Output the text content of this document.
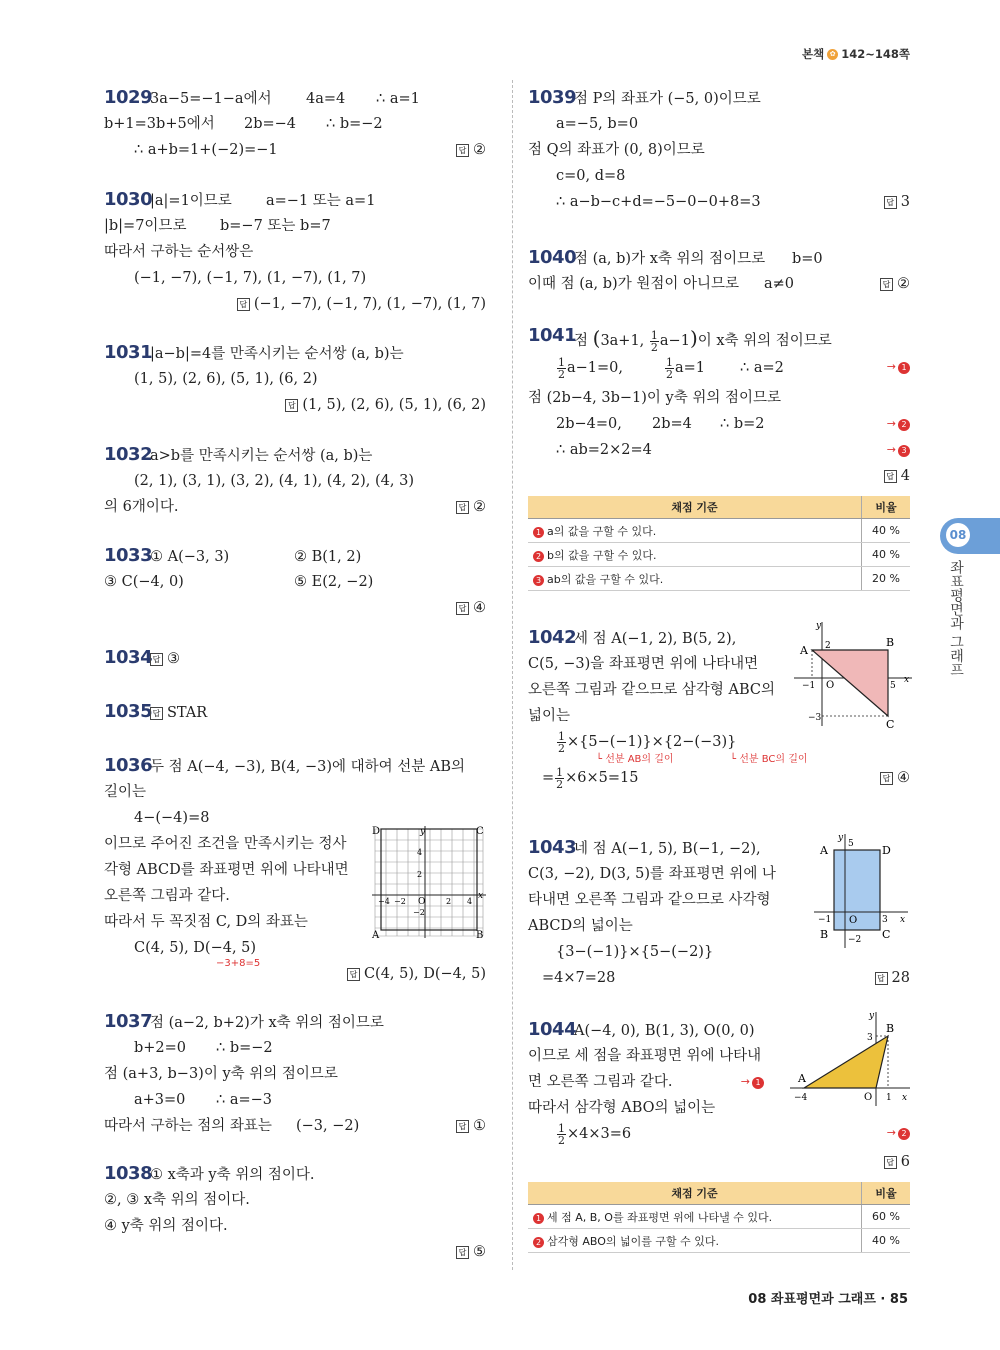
본책 ✿ 142~148쪽
08
좌표평면과 그래프
1029
3a−5=−1−a에서 4a=4 ∴ a=1
b+1=3b+5에서 2b=−4 ∴ b=−2
∴ a+b=1+(−2)=−1	답 ②
1030
|a|=1이므로 a=−1 또는 a=1
|b|=7이므로 b=−7 또는 b=7
따라서 구하는 순서쌍은
(−1, −7), (−1, 7), (1, −7), (1, 7)
답 (−1, −7), (−1, 7), (1, −7), (1, 7)
1031
|a−b|=4를 만족시키는 순서쌍 (a, b)는
(1, 5), (2, 6), (5, 1), (6, 2)
답 (1, 5), (2, 6), (5, 1), (6, 2)
1032
a>b를 만족시키는 순서쌍 (a, b)는
(2, 1), (3, 1), (3, 2), (4, 1), (4, 2), (4, 3)
의 6개이다.	답 ②
1033
① A(−3, 3)	② B(1, 2)
③ C(−4, 0)	⑤ E(2, −2)
답 ④
1034 답 ③
1035 답 STAR
1036
두 점 A(−4, −3), B(4, −3)에 대하여 선분 AB의
길이는
4−(−4)=8
이므로 주어진 조건을 만족시키는 정사
각형 ABCD를 좌표평면 위에 나타내면
오른쪽 그림과 같다.
따라서 두 꼭짓점 C, D의 좌표는
C(4, 5), D(−4, 5)
−3+8=5
답 C(4, 5), D(−4, 5)
D	C
A	B
y
x
4
2
−2
−4 −2	2 4
O
1037
점 (a−2, b+2)가 x축 위의 점이므로
b+2=0 ∴ b=−2
점 (a+3, b−3)이 y축 위의 점이므로
a+3=0 ∴ a=−3
따라서 구하는 점의 좌표는 (−3, −2)	답 ①
1038
① x축과 y축 위의 점이다.
②, ③ x축 위의 점이다.
④ y축 위의 점이다.
답 ⑤
1039
점 P의 좌표가 (−5, 0)이므로
a=−5, b=0
점 Q의 좌표가 (0, 8)이므로
c=0, d=8
∴ a−b−c+d=−5−0−0+8=3	답 3
1040
점 (a, b)가 x축 위의 점이므로 b=0
이때 점 (a, b)가 원점이 아니므로 a≠0	답 ②
1041
점 (3a+1, $\frac{1}{2} a-1$)이 x축 위의 점이므로
$\frac{1}{2} a-1=0$,	$\frac{1}{2} a=1$ ∴ a=2	→ 1
점 (2b−4, 3b−1)이 y축 위의 점이므로
2b−4=0, 2b=4 ∴ b=2	→ 2
∴ ab=2×2=4	→ 3
답 4
채점 기준	비율
1 a의 값을 구할 수 있다.	40 %
2 b의 값을 구할 수 있다.	40 %
3 ab의 값을 구할 수 있다.	20 %
1042
세 점 A(−1, 2), B(5, 2),
C(5, −3)을 좌표평면 위에 나타내면
오른쪽 그림과 같으므로 삼각형 ABC의
넓이는
$\frac{1}{2} \times\{5-(-1)\}\times\{2-(-3)\}$
└ 선분 AB의 길이	└ 선분 BC의 길이
= $\frac{1}{2} \times 6\times 5=15$	답 ④
A
B
C
O
y
x
2
−1	5
−3
1043
네 점 A(−1, 5), B(−1, −2),
C(3, −2), D(3, 5)를 좌표평면 위에 나
타내면 오른쪽 그림과 같으므로 사각형
ABCD의 넓이는
{3−(−1)}×{5−(−2)}
=4×7=28	답 28
A	D
B	C
O
y
x
5
−1	3
−2
1044
A(−4, 0), B(1, 3), O(0, 0)
이므로 세 점을 좌표평면 위에 나타내
면 오른쪽 그림과 같다.	→ 1
따라서 삼각형 ABO의 넓이는
$\frac{1}{2} \times 4\times 3=6$	→ 2
답 6
A
B
O
y
x
3
−4	1
채점 기준	비율
1 세 점 A, B, O를 좌표평면 위에 나타낼 수 있다.	60 %
2 삼각형 ABO의 넓이를 구할 수 있다.	40 %
08 좌표평면과 그래프 · 85
